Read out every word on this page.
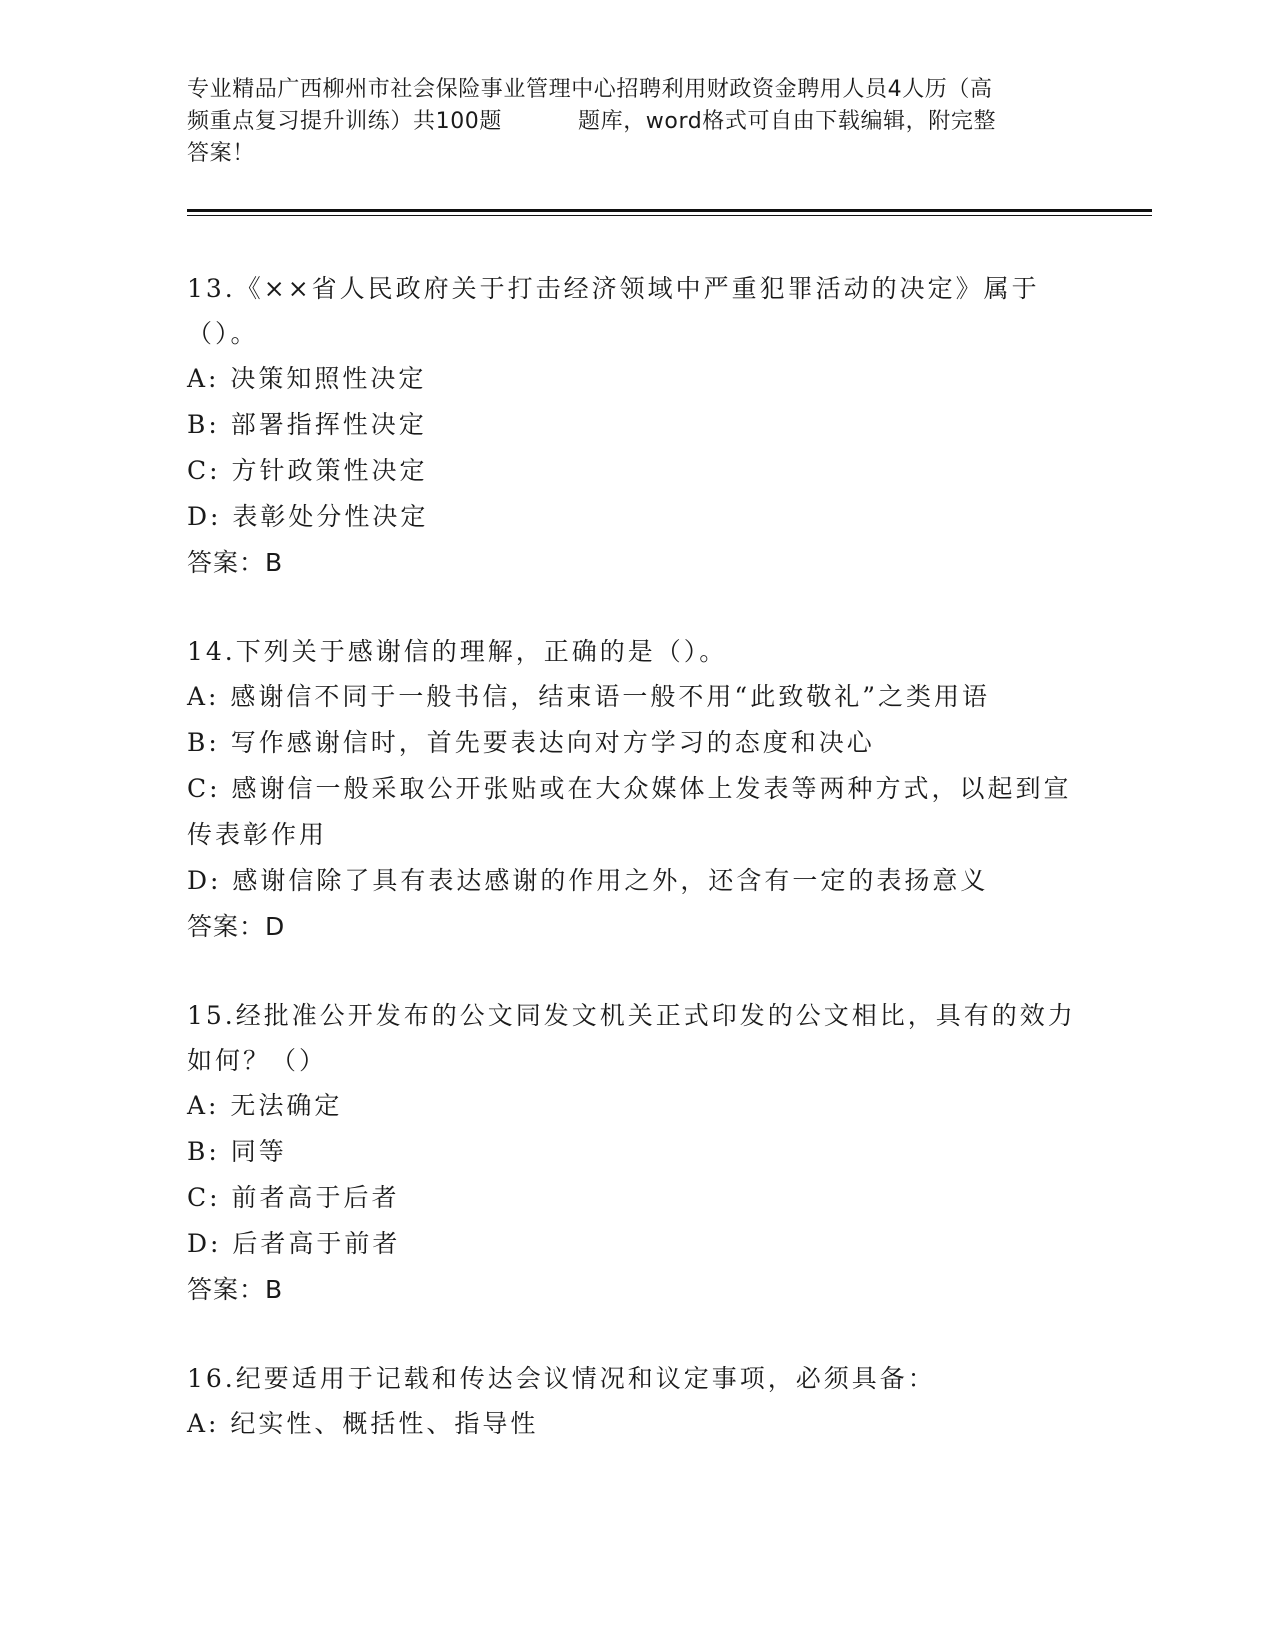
专业精品广西柳州市社会保险事业管理中心招聘利用财政资金聘用人员4人历（高
频重点复习提升训练）共100题	题库，word格式可自由下载编辑，附完整
答案！
13.《××省人民政府关于打击经济领域中严重犯罪活动的决定》属于（）。
A: 决策知照性决定
B: 部署指挥性决定
C: 方针政策性决定
D: 表彰处分性决定
答案：B
14.下列关于感谢信的理解，正确的是（）。
A: 感谢信不同于一般书信，结束语一般不用“此致敬礼”之类用语
B: 写作感谢信时，首先要表达向对方学习的态度和决心
C: 感谢信一般采取公开张贴或在大众媒体上发表等两种方式，以起到宣传表彰作用
D: 感谢信除了具有表达感谢的作用之外，还含有一定的表扬意义
答案：D
15.经批准公开发布的公文同发文机关正式印发的公文相比，具有的效力如何？（）
A: 无法确定
B: 同等
C: 前者高于后者
D: 后者高于前者
答案：B
16.纪要适用于记载和传达会议情况和议定事项，必须具备：
A: 纪实性、概括性、指导性
